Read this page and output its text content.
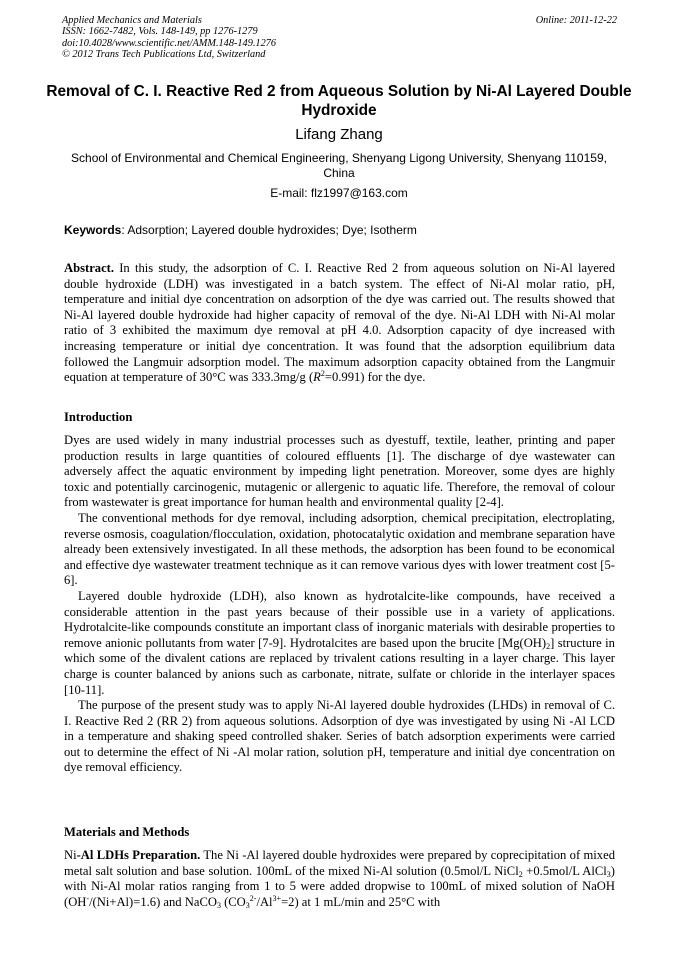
Applied Mechanics and Materials
ISSN: 1662-7482, Vols. 148-149, pp 1276-1279
doi:10.4028/www.scientific.net/AMM.148-149.1276
© 2012 Trans Tech Publications Ltd, Switzerland
Online: 2011-12-22
Removal of C. I. Reactive Red 2 from Aqueous Solution by Ni-Al Layered Double Hydroxide
Lifang Zhang
School of Environmental and Chemical Engineering, Shenyang Ligong University, Shenyang 110159, China
E-mail: flz1997@163.com
Keywords: Adsorption; Layered double hydroxides; Dye; Isotherm
Abstract. In this study, the adsorption of C. I. Reactive Red 2 from aqueous solution on Ni-Al layered double hydroxide (LDH) was investigated in a batch system. The effect of Ni-Al molar ratio, pH, temperature and initial dye concentration on adsorption of the dye was carried out. The results showed that Ni-Al layered double hydroxide had higher capacity of removal of the dye. Ni-Al LDH with Ni-Al molar ratio of 3 exhibited the maximum dye removal at pH 4.0. Adsorption capacity of dye increased with increasing temperature or initial dye concentration. It was found that the adsorption equilibrium data followed the Langmuir adsorption model. The maximum adsorption capacity obtained from the Langmuir equation at temperature of 30°C was 333.3mg/g $(R^2=0.991)$ for the dye.
Introduction

Dyes are used widely in many industrial processes such as dyestuff, textile, leather, printing and paper production results in large quantities of coloured effluents [1]. The discharge of dye wastewater can adversely affect the aquatic environment by impeding light penetration. Moreover, some dyes are highly toxic and potentially carcinogenic, mutagenic or allergenic to aquatic life. Therefore, the removal of colour from wastewater is great importance for human health and environmental quality [2-4].

The conventional methods for dye removal, including adsorption, chemical precipitation, electroplating, reverse osmosis, coagulation/flocculation, oxidation, photocatalytic oxidation and membrane separation have already been extensively investigated. In all these methods, the adsorption has been found to be economical and effective dye wastewater treatment technique as it can remove various dyes with lower treatment cost [5-6].

Layered double hydroxide (LDH), also known as hydrotalcite-like compounds, have received a considerable attention in the past years because of their possible use in a variety of applications. Hydrotalcite-like compounds constitute an important class of inorganic materials with desirable properties to remove anionic pollutants from water [7-9]. Hydrotalcites are based upon the brucite $[Mg(OH)_2]$ structure in which some of the divalent cations are replaced by trivalent cations resulting in a layer charge. This layer charge is counter balanced by anions such as carbonate, nitrate, sulfate or chloride in the interlayer spaces [10-11].

The purpose of the present study was to apply Ni-Al layered double hydroxides (LHDs) in removal of C. I. Reactive Red 2 (RR 2) from aqueous solutions. Adsorption of dye was investigated by using Ni -Al LCD in a temperature and shaking speed controlled shaker. Series of batch adsorption experiments were carried out to determine the effect of Ni -Al molar ration, solution pH, temperature and initial dye concentration on dye removal efficiency.

Materials and Methods

Ni-Al LDHs Preparation. The Ni -Al layered double hydroxides were prepared by coprecipitation of mixed metal salt solution and base solution. 100mL of the mixed Ni-Al solution (0.5mol/L NiCl$_2$ +0.5mol/L AlCl$_3$) with Ni-Al molar ratios ranging from 1 to 5 were added dropwise to 100mL of mixed solution of NaOH (OH-/(Ni+Al)=1.6) and NaCO$_3$ $(CO_3^{2-}/Al^{3+}=2)$ at 1 mL/min and 25°C with
